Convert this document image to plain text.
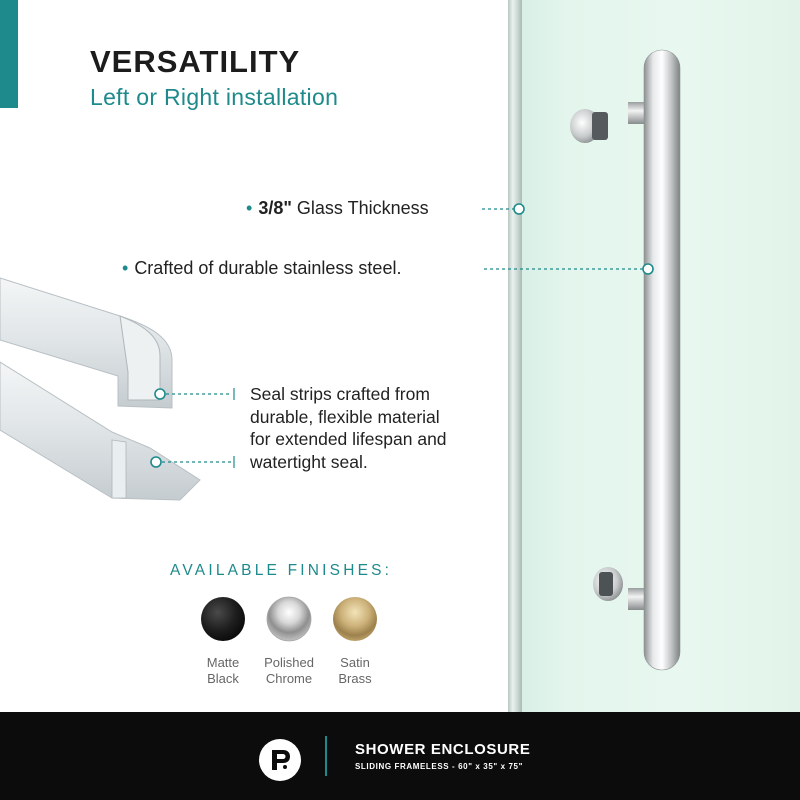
VERSATILITY
Left or Right installation
• 3/8" Glass Thickness
• Crafted of durable stainless steel.
Seal strips crafted from
durable, flexible material
for extended lifespan and
watertight seal.
AVAILABLE FINISHES:
Matte
Black
Polished
Chrome
Satin
Brass
SHOWER ENCLOSURE
SLIDING FRAMELESS - 60" x 35" x 75"
